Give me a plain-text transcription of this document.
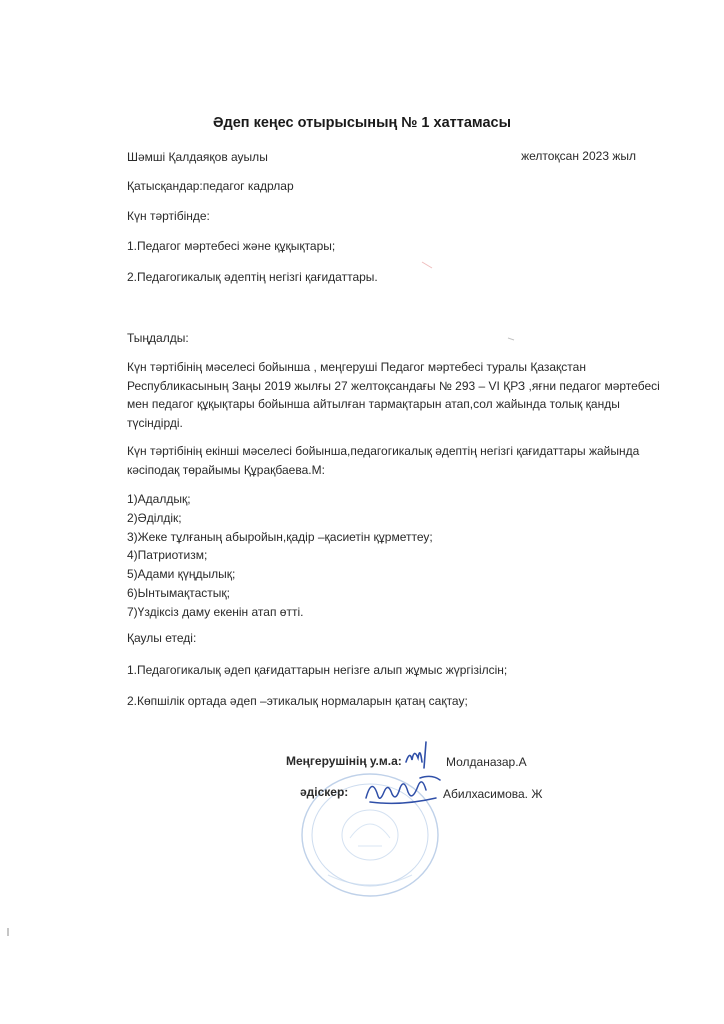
Әдеп кеңес отырысының № 1 хаттамасы
Шәмші Қалдаяқов ауылы	желтоқсан 2023 жыл
Қатысқандар:педагог кадрлар
Күн тәртібінде:
1.Педагог мәртебесі және құқықтары;
2.Педагогикалық әдептің негізгі қағидаттары.
Тыңдалды:
Күн тәртібінің мәселесі бойынша , меңгеруші Педагог мәртебесі туралы Қазақстан
Республикасының Заңы 2019 жылғы 27 желтоқсандағы № 293 – VI ҚРЗ ,яғни педагог мәртебесі
мен педагог құқықтары бойынша айтылған тармақтарын атап,сол жайында толық қанды
түсіндірді.
Күн тәртібінің екінші мәселесі бойынша,педагогикалық әдептің негізгі қағидаттары жайында
кәсіподақ төрайымы Құрақбаева.М:
1)Адалдық;
2)Әділдік;
3)Жеке тұлғаның абыройын,қадір –қасиетін құрметтеу;
4)Патриотизм;
5)Адами қүңдылық;
6)Ынтымақтастық;
7)Үздіксіз даму екенін атап өтті.
Қаулы етеді:
1.Педагогикалық әдеп қағидаттарын негізге алып жұмыс жүргізілсін;
2.Көпшілік ортада әдеп –этикалық нормаларын қатаң сақтау;
Меңгерушінің у.м.а:	Молданазар.А
әдіскер:	Абилхасимова. Ж
